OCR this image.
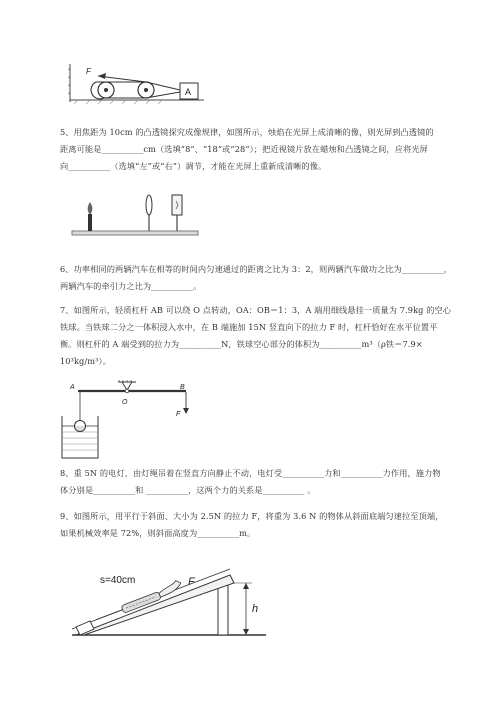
F
A
5、用焦距为 10cm 的凸透镜探究成像规律，如图所示，烛焰在光屏上成清晰的像，则光屏到凸透镜的
距离可能是__________cm（选填“8”、“18”或“28”）；把近视镜片放在蜡烛和凸透镜之间，应将光屏
向__________（选填“左”或“右”）调节，才能在光屏上重新成清晰的像。
6、功率相同的两辆汽车在相等的时间内匀速通过的距离之比为 3：2，则两辆汽车做功之比为__________，
两辆汽车的牵引力之比为__________。
7、如图所示，轻质杠杆 AB 可以绕 O 点转动，OA：OB＝1：3，A 端用细线悬挂一质量为 7.9kg 的空心
铁球。当铁球二分之一体积浸入水中，在 B 端施加 15N 竖直向下的拉力 F 时，杠杆恰好在水平位置平
衡。则杠杆的 A 端受到的拉力为__________N，铁球空心部分的体积为__________m³（ρ铁＝7.9×
10³kg/m³）。
A
O
B
F
8、重 5N 的电灯，由灯绳吊着在竖直方向静止不动，电灯受__________力和__________力作用，施力物
体分别是__________和 __________，这两个力的关系是__________ 。
9、如图所示，用平行于斜面、大小为 2.5N 的拉力 F，将重为 3.6 N 的物体从斜面底端匀速拉至顶端，
如果机械效率是 72%，则斜面高度为__________m。
F
s=40cm
h
